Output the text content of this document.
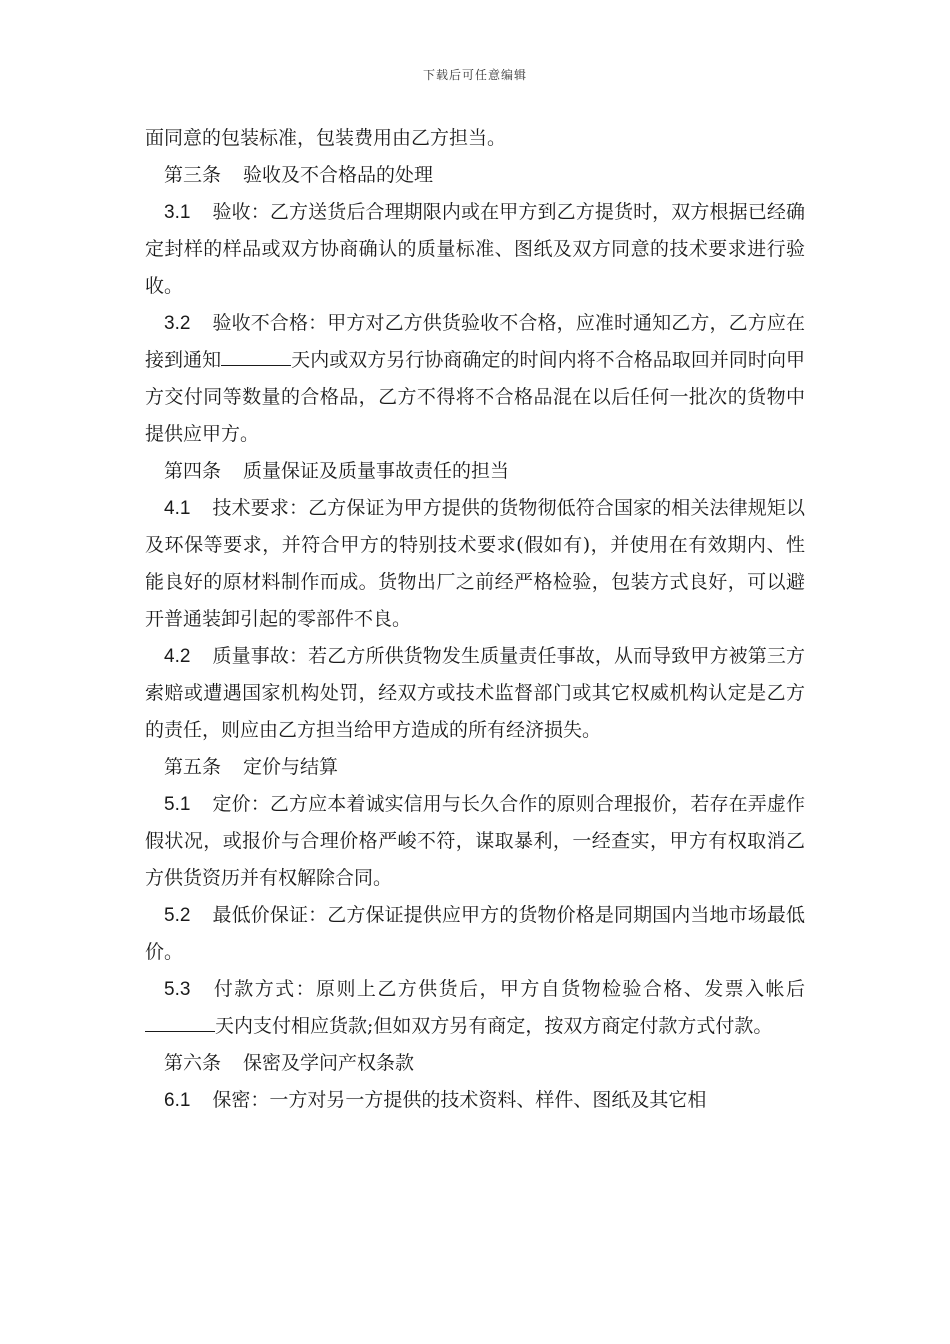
下载后可任意编辑

面同意的包装标准，包装费用由乙方担当。

第三条 验收及不合格品的处理

3.1 验收：乙方送货后合理期限内或在甲方到乙方提货时，双方根据已经确定封样的样品或双方协商确认的质量标准、图纸及双方同意的技术要求进行验收。

3.2 验收不合格：甲方对乙方供货验收不合格，应准时通知乙方，乙方应在接到通知	天内或双方另行协商确定的时间内将不合格品取回并同时向甲方交付同等数量的合格品，乙方不得将不合格品混在以后任何一批次的货物中提供应甲方。

第四条 质量保证及质量事故责任的担当

4.1 技术要求：乙方保证为甲方提供的货物彻低符合国家的相关法律规矩以及环保等要求，并符合甲方的特别技术要求(假如有)，并使用在有效期内、性能良好的原材料制作而成。货物出厂之前经严格检验，包装方式良好，可以避开普通装卸引起的零部件不良。

4.2 质量事故：若乙方所供货物发生质量责任事故，从而导致甲方被第三方索赔或遭遇国家机构处罚，经双方或技术监督部门或其它权威机构认定是乙方的责任，则应由乙方担当给甲方造成的所有经济损失。

第五条 定价与结算

5.1 定价：乙方应本着诚实信用与长久合作的原则合理报价，若存在弄虚作假状况，或报价与合理价格严峻不符，谋取暴利，一经查实，甲方有权取消乙方供货资历并有权解除合同。

5.2 最低价保证：乙方保证提供应甲方的货物价格是同期国内当地市场最低价。

5.3 付款方式：原则上乙方供货后，甲方自货物检验合格、发票入帐后天内支付相应货款;但如双方另有商定，按双方商定付款方式付款。

第六条 保密及学问产权条款

6.1 保密：一方对另一方提供的技术资料、样件、图纸及其它相
